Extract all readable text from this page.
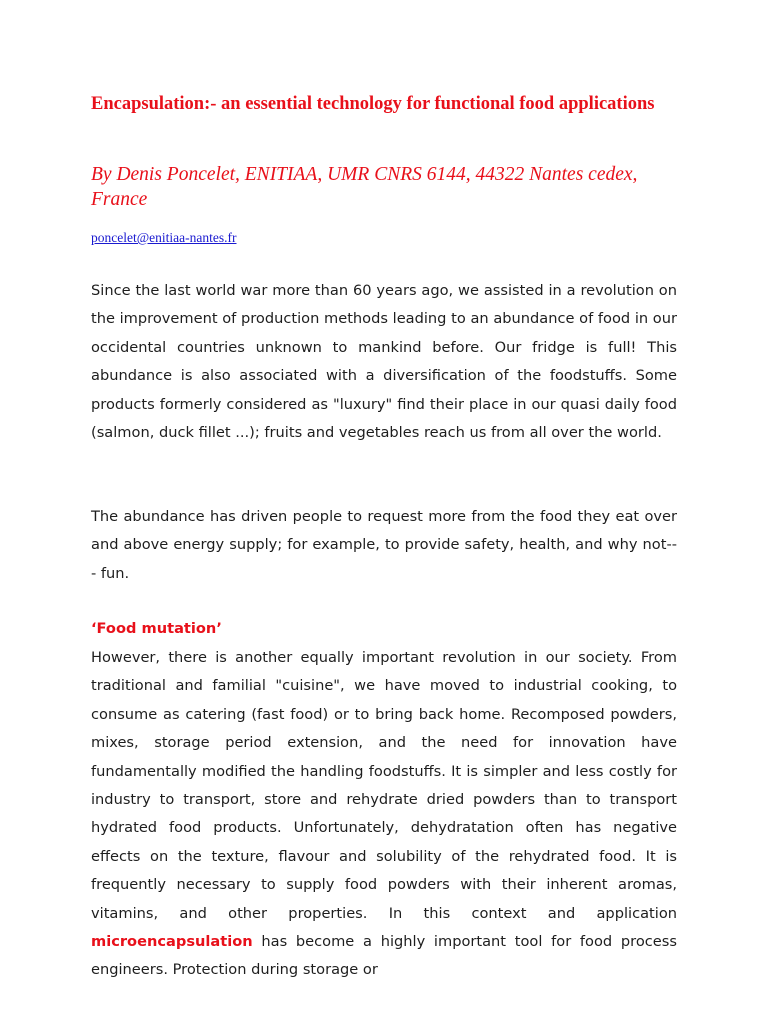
Encapsulation:- an essential technology for functional food applications

By Denis Poncelet, ENITIAA, UMR CNRS 6144, 44322 Nantes cedex, France

poncelet@enitiaa-nantes.fr

Since the last world war more than 60 years ago, we assisted in a revolution on the improvement of production methods leading to an abundance of food in our occidental countries unknown to mankind before. Our fridge is full! This abundance is also associated with a diversification of the foodstuffs. Some products formerly considered as "luxury" find their place in our quasi daily food (salmon, duck fillet ...); fruits and vegetables reach us from all over the world.

The abundance has driven people to request more from the food they eat over and above energy supply; for example, to provide safety, health, and why not--- fun.

‘Food mutation’

However, there is another equally important revolution in our society. From traditional and familial "cuisine", we have moved to industrial cooking, to consume as catering (fast food) or to bring back home. Recomposed powders, mixes, storage period extension, and the need for innovation have fundamentally modified the handling foodstuffs. It is simpler and less costly for industry to transport, store and rehydrate dried powders than to transport hydrated food products. Unfortunately, dehydratation often has negative effects on the texture, flavour and solubility of the rehydrated food. It is frequently necessary to supply food powders with their inherent aromas, vitamins, and other properties. In this context and application microencapsulation has become a highly important tool for food process engineers. Protection during storage or
